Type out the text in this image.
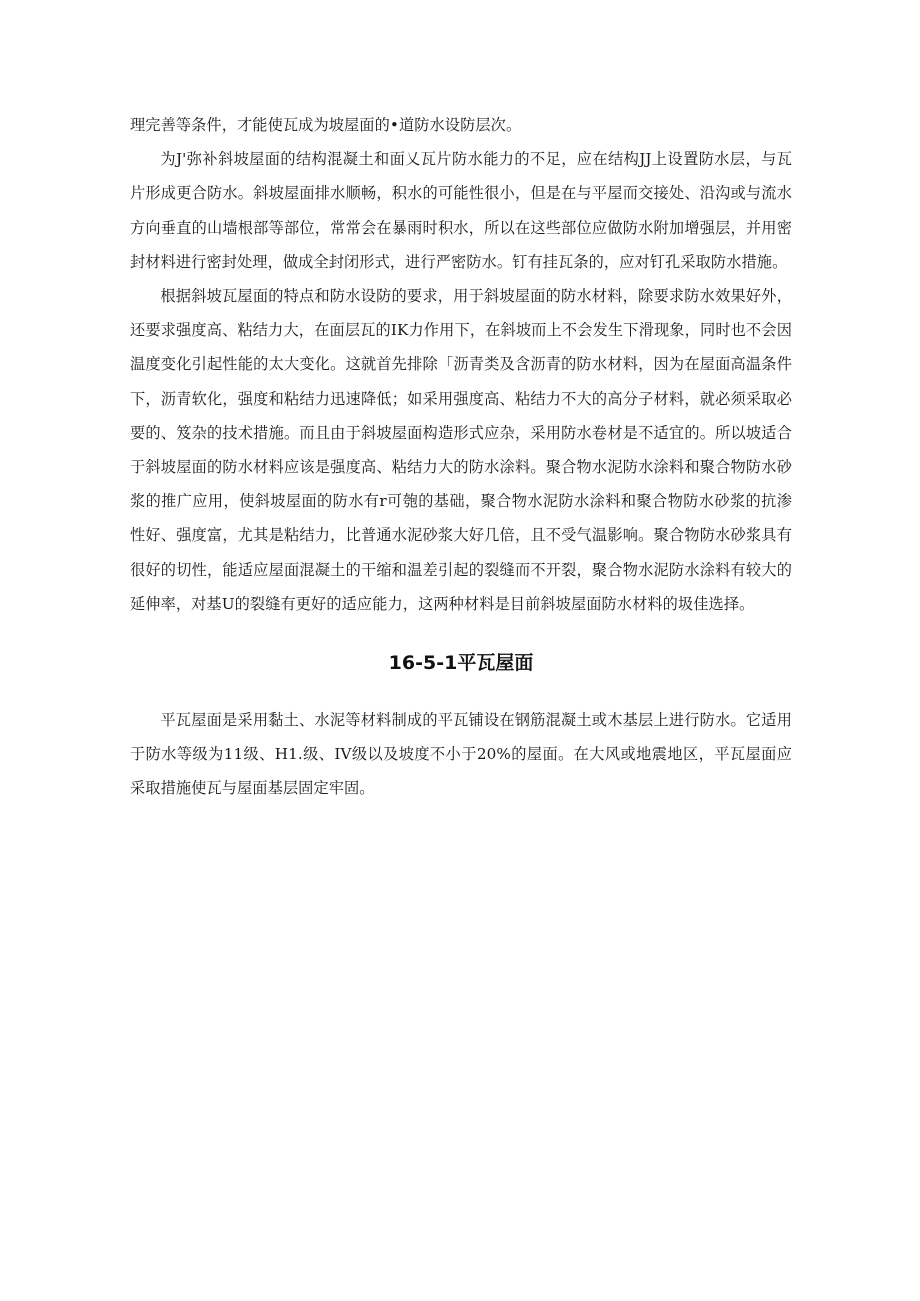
理完善等条件，才能使瓦成为坡屋面的•道防水设防层次。

为J'弥补斜坡屋面的结构混凝土和面乂瓦片防水能力的不足，应在结构JJ上设置防水层，与瓦片形成更合防水。斜坡屋面排水顺畅，积水的可能性很小，但是在与平屋而交接处、沿沟或与流水方向垂直的山墙根部等部位，常常会在暴雨时积水，所以在这些部位应做防水附加增强层，并用密封材料进行密封处理，做成全封闭形式，进行严密防水。钉有挂瓦条的，应对钉孔采取防水措施。

根据斜坡瓦屋面的特点和防水设防的要求，用于斜坡屋面的防水材料，除要求防水效果好外，还要求强度高、粘结力大，在面层瓦的IK力作用下，在斜坡而上不会发生下滑现象，同时也不会因温度变化引起性能的太大变化。这就首先排除「沥青类及含沥青的防水材料，因为在屋面高温条件下，沥青软化，强度和粘结力迅速降低；如采用强度高、粘结力不大的高分子材料，就必须采取必要的、笈杂的技术措施。而且由于斜坡屋面构造形式应杂，采用防水卷材是不适宜的。所以坡适合于斜坡屋面的防水材料应该是强度高、粘结力大的防水涂料。聚合物水泥防水涂料和聚合物防水砂浆的推广应用，使斜坡屋面的防水有r可匏的基础，聚合物水泥防水涂料和聚合物防水砂浆的抗渗性好、强度富，尤其是粘结力，比普通水泥砂浆大好几倍，且不受气温影响。聚合物防水砂浆具有很好的切性，能适应屋面混凝土的干缩和温差引起的裂缝而不开裂，聚合物水泥防水涂料有较大的延伸率，对基U的裂缝有更好的适应能力，这两种材料是目前斜坡屋面防水材料的圾佳选择。

16-5-1平瓦屋面

平瓦屋面是采用黏土、水泥等材料制成的平瓦铺设在钢筋混凝土或木基层上进行防水。它适用于防水等级为11级、H1.级、IV级以及坡度不小于20%的屋面。在大风或地震地区，平瓦屋面应采取措施使瓦与屋面基层固定牢固。
